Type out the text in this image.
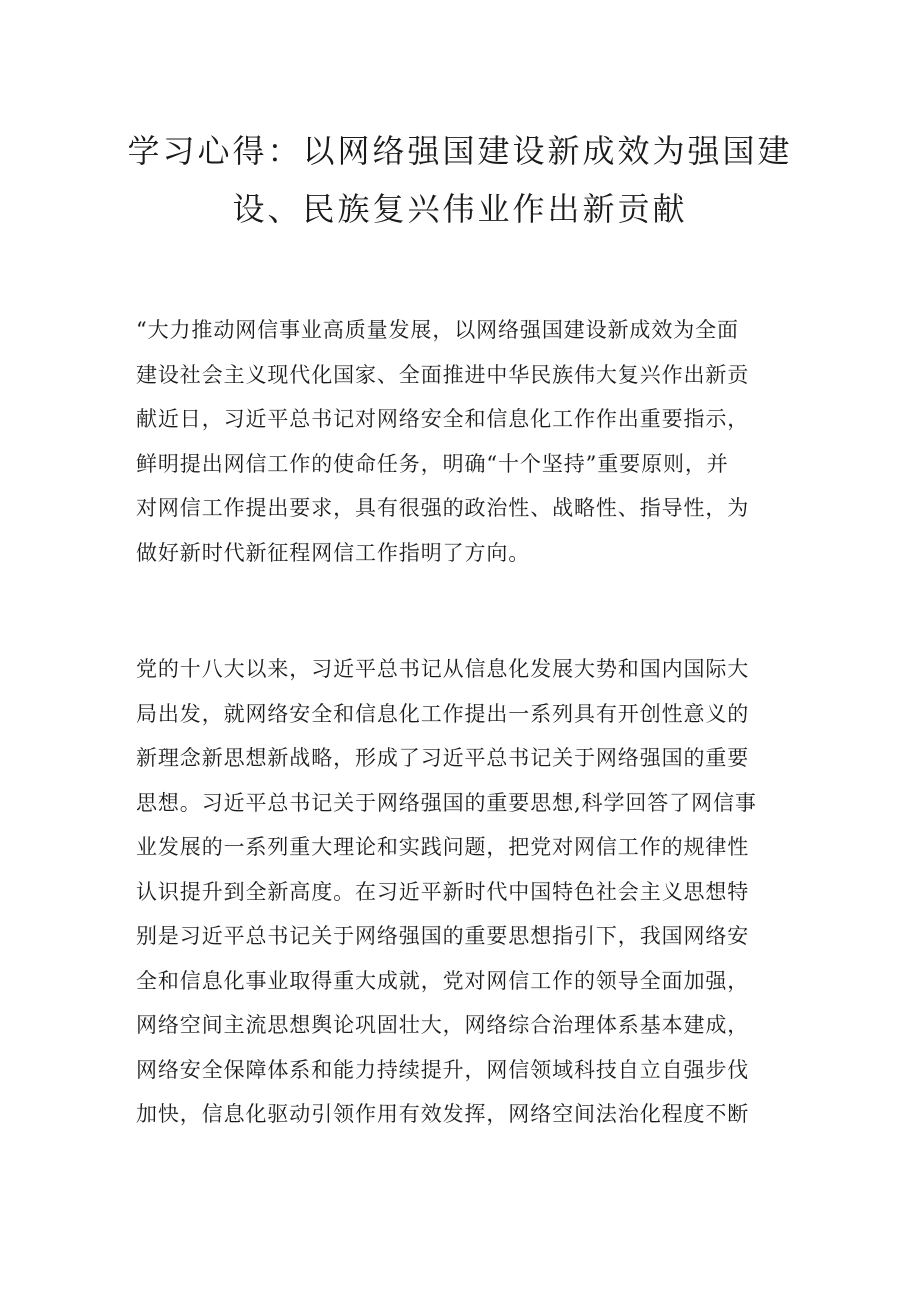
学习心得：以网络强国建设新成效为强国建
设、民族复兴伟业作出新贡献

“大力推动网信事业高质量发展，以网络强国建设新成效为全面
建设社会主义现代化国家、全面推进中华民族伟大复兴作出新贡
献近日，习近平总书记对网络安全和信息化工作作出重要指示，
鲜明提出网信工作的使命任务，明确“十个坚持”重要原则，并
对网信工作提出要求，具有很强的政治性、战略性、指导性，为
做好新时代新征程网信工作指明了方向。

党的十八大以来，习近平总书记从信息化发展大势和国内国际大
局出发，就网络安全和信息化工作提出一系列具有开创性意义的
新理念新思想新战略，形成了习近平总书记关于网络强国的重要
思想。习近平总书记关于网络强国的重要思想,科学回答了网信事
业发展的一系列重大理论和实践问题，把党对网信工作的规律性
认识提升到全新高度。在习近平新时代中国特色社会主义思想特
别是习近平总书记关于网络强国的重要思想指引下，我国网络安
全和信息化事业取得重大成就，党对网信工作的领导全面加强，
网络空间主流思想舆论巩固壮大，网络综合治理体系基本建成，
网络安全保障体系和能力持续提升，网信领域科技自立自强步伐
加快，信息化驱动引领作用有效发挥，网络空间法治化程度不断
